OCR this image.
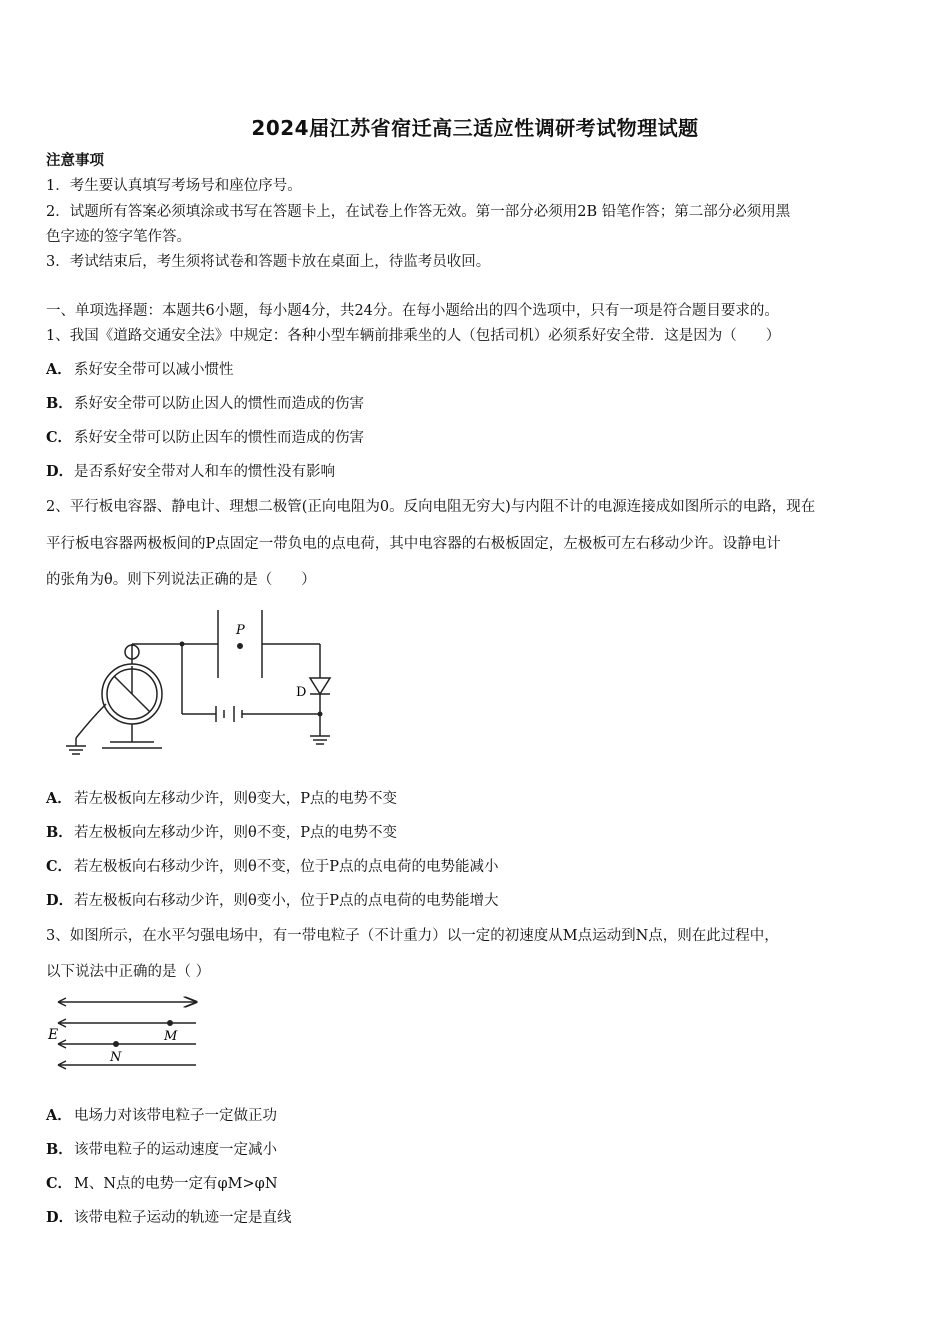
2024届江苏省宿迁高三适应性调研考试物理试题
注意事项
1．考生要认真填写考场号和座位序号。
2．试题所有答案必须填涂或书写在答题卡上，在试卷上作答无效。第一部分必须用2B 铅笔作答；第二部分必须用黑
色字迹的签字笔作答。
3．考试结束后，考生须将试卷和答题卡放在桌面上，待监考员收回。
一、单项选择题：本题共6小题，每小题4分，共24分。在每小题给出的四个选项中，只有一项是符合题目要求的。
1、我国《道路交通安全法》中规定：各种小型车辆前排乘坐的人（包括司机）必须系好安全带．这是因为（　　）
A． 系好安全带可以减小惯性
B．系好安全带可以防止因人的惯性而造成的伤害
C． 系好安全带可以防止因车的惯性而造成的伤害
D．是否系好安全带对人和车的惯性没有影响
2、平行板电容器、静电计、理想二极管(正向电阻为0。反向电阻无穷大)与内阻不计的电源连接成如图所示的电路，现在
平行板电容器两极板间的P点固定一带负电的点电荷，其中电容器的右极板固定，左极板可左右移动少许。设静电计
的张角为θ。则下列说法正确的是（　　）
P
D
A． 若左极板向左移动少许，则θ变大，P点的电势不变
B．若左极板向左移动少许，则θ不变，P点的电势不变
C． 若左极板向右移动少许，则θ不变，位于P点的点电荷的电势能减小
D．若左极板向右移动少许，则θ变小，位于P点的点电荷的电势能增大
3、如图所示，在水平匀强电场中，有一带电粒子（不计重力）以一定的初速度从M点运动到N点，则在此过程中，
以下说法中正确的是（ ）
E	M
N
A． 电场力对该带电粒子一定做正功
B．该带电粒子的运动速度一定减小
C． M、N点的电势一定有φM>φN
D．该带电粒子运动的轨迹一定是直线
